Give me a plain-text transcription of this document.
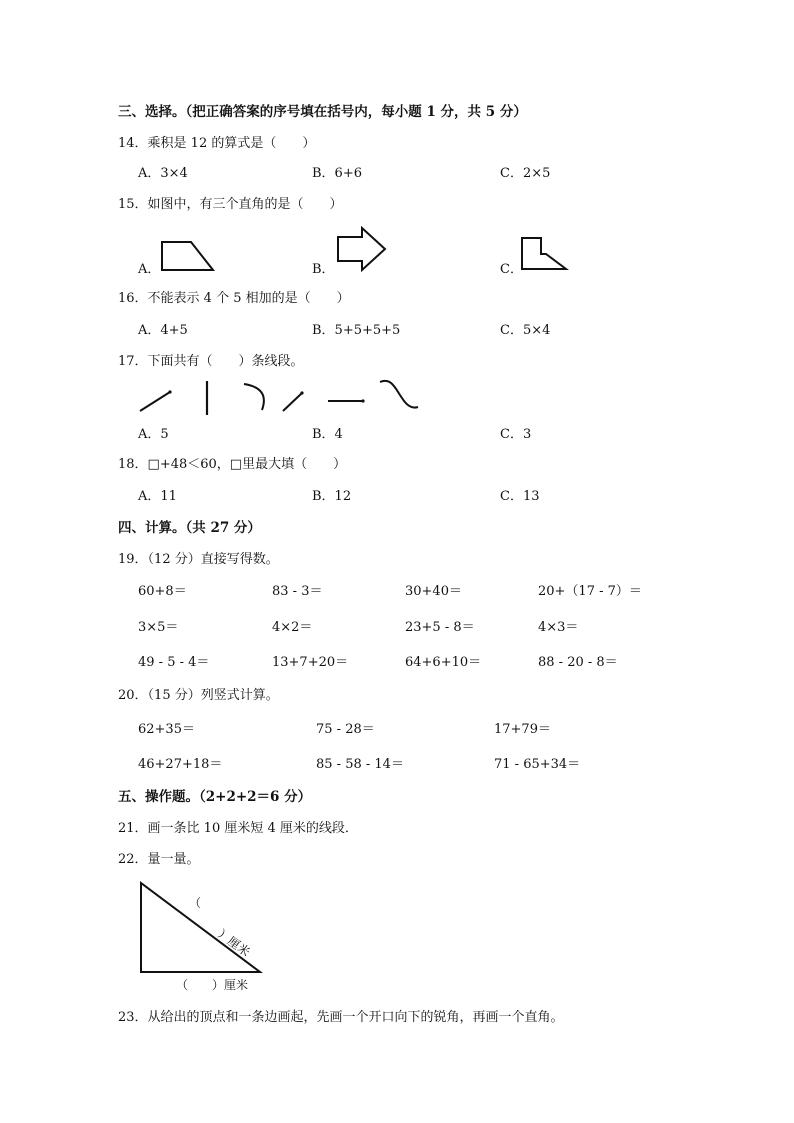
三、选择。（把正确答案的序号填在括号内，每小题 1 分，共 5 分）
14．乘积是 12 的算式是（　　）
A．3×4	B．6+6	C．2×5
15．如图中，有三个直角的是（　　）
A．	B．	C．
16．不能表示 4 个 5 相加的是（　　）
A．4+5	B．5+5+5+5	C．5×4
17．下面共有（　　）条线段。
A．5	B．4	C．3
18．□+48＜60，□里最大填（　　）
A．11	B．12	C．13
四、计算。（共 27 分）
19．（12 分）直接写得数。
60+8＝	83 - 3＝	30+40＝	20+（17 - 7）＝
3×5＝	4×2＝	23+5 - 8＝	4×3＝
49 - 5 - 4＝	13+7+20＝	64+6+10＝	88 - 20 - 8＝
20．（15 分）列竖式计算。
62+35＝	75 - 28＝	17+79＝
46+27+18＝	85 - 58 - 14＝	71 - 65+34＝
五、操作题。（2+2+2＝6 分）
21．画一条比 10 厘米短 4 厘米的线段．
22．量一量。
（
）厘米
（　　）厘米
23．从给出的顶点和一条边画起，先画一个开口向下的锐角，再画一个直角。
